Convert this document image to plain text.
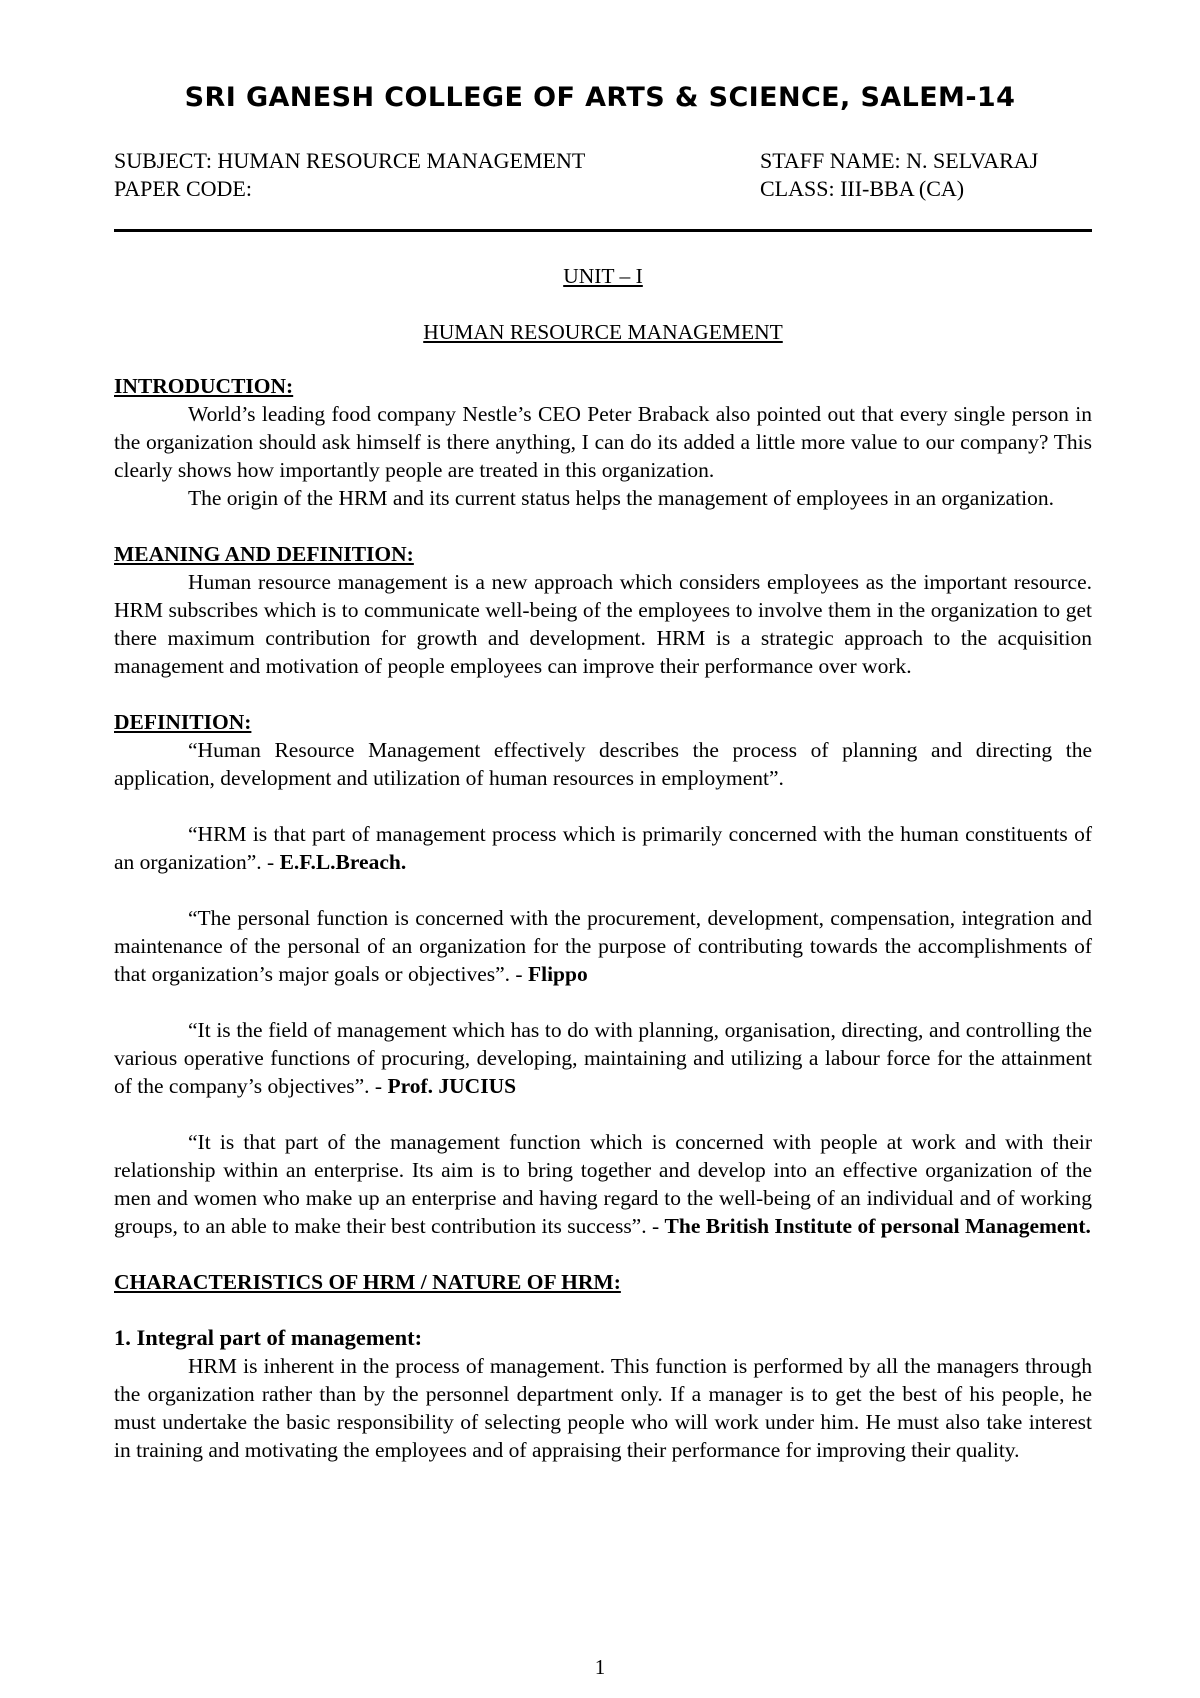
SRI GANESH COLLEGE OF ARTS & SCIENCE, SALEM-14
SUBJECT: HUMAN RESOURCE MANAGEMENT	STAFF NAME: N. SELVARAJ
PAPER CODE:	CLASS: III-BBA (CA)

UNIT – I

HUMAN RESOURCE MANAGEMENT

INTRODUCTION:

World’s leading food company Nestle’s CEO Peter Braback also pointed out that every single person in the organization should ask himself is there anything, I can do its added a little more value to our company? This clearly shows how importantly people are treated in this organization.

The origin of the HRM and its current status helps the management of employees in an organization.

MEANING AND DEFINITION:

Human resource management is a new approach which considers employees as the important resource. HRM subscribes which is to communicate well-being of the employees to involve them in the organization to get there maximum contribution for growth and development. HRM is a strategic approach to the acquisition management and motivation of people employees can improve their performance over work.

DEFINITION:

“Human Resource Management effectively describes the process of planning and directing the application, development and utilization of human resources in employment”.

“HRM is that part of management process which is primarily concerned with the human constituents of an organization”. - E.F.L.Breach.

“The personal function is concerned with the procurement, development, compensation, integration and maintenance of the personal of an organization for the purpose of contributing towards the accomplishments of that organization’s major goals or objectives”. - Flippo

“It is the field of management which has to do with planning, organisation, directing, and controlling the various operative functions of procuring, developing, maintaining and utilizing a labour force for the attainment of the company’s objectives”. - Prof. JUCIUS

“It is that part of the management function which is concerned with people at work and with their relationship within an enterprise. Its aim is to bring together and develop into an effective organization of the men and women who make up an enterprise and having regard to the well-being of an individual and of working groups, to an able to make their best contribution its success”. - The British Institute of personal Management.

CHARACTERISTICS OF HRM / NATURE OF HRM:

1. Integral part of management:

HRM is inherent in the process of management. This function is performed by all the managers through the organization rather than by the personnel department only. If a manager is to get the best of his people, he must undertake the basic responsibility of selecting people who will work under him. He must also take interest in training and motivating the employees and of appraising their performance for improving their quality.

1
